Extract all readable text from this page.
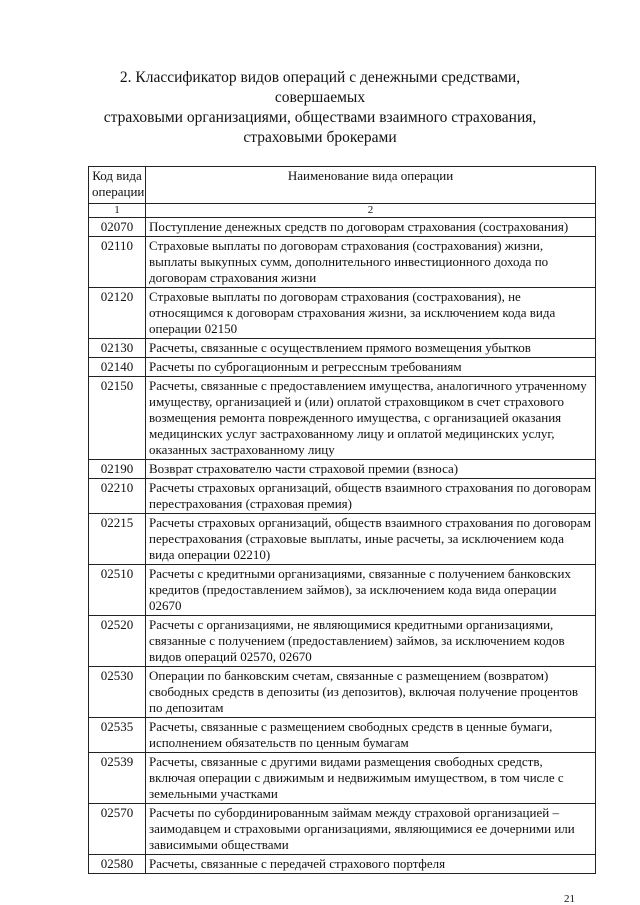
2. Классификатор видов операций с денежными средствами, совершаемых
страховыми организациями, обществами взаимного страхования,
страховыми брокерами
Код вида операции	Наименование вида операции
1	2
02070	Поступление денежных средств по договорам страхования (сострахования)
02110	Страховые выплаты по договорам страхования (сострахования) жизни, выплаты выкупных сумм, дополнительного инвестиционного дохода по договорам страхования жизни
02120	Страховые выплаты по договорам страхования (сострахования), не относящимся к договорам страхования жизни, за исключением кода вида операции 02150
02130	Расчеты, связанные с осуществлением прямого возмещения убытков
02140	Расчеты по суброгационным и регрессным требованиям
02150	Расчеты, связанные с предоставлением имущества, аналогичного утраченному имуществу, организацией и (или) оплатой страховщиком в счет страхового возмещения ремонта поврежденного имущества, с организацией оказания медицинских услуг застрахованному лицу и оплатой медицинских услуг, оказанных застрахованному лицу
02190	Возврат страхователю части страховой премии (взноса)
02210	Расчеты страховых организаций, обществ взаимного страхования по договорам перестрахования (страховая премия)
02215	Расчеты страховых организаций, обществ взаимного страхования по договорам перестрахования (страховые выплаты, иные расчеты, за исключением кода вида операции 02210)
02510	Расчеты с кредитными организациями, связанные с получением банковских кредитов (предоставлением займов), за исключением кода вида операции 02670
02520	Расчеты с организациями, не являющимися кредитными организациями, связанные с получением (предоставлением) займов, за исключением кодов видов операций 02570, 02670
02530	Операции по банковским счетам, связанные с размещением (возвратом) свободных средств в депозиты (из депозитов), включая получение процентов по депозитам
02535	Расчеты, связанные с размещением свободных средств в ценные бумаги, исполнением обязательств по ценным бумагам
02539	Расчеты, связанные с другими видами размещения свободных средств, включая операции с движимым и недвижимым имуществом, в том числе с земельными участками
02570	Расчеты по субординированным займам между страховой организацией – заимодавцем и страховыми организациями, являющимися ее дочерними или зависимыми обществами
02580	Расчеты, связанные с передачей страхового портфеля
21
